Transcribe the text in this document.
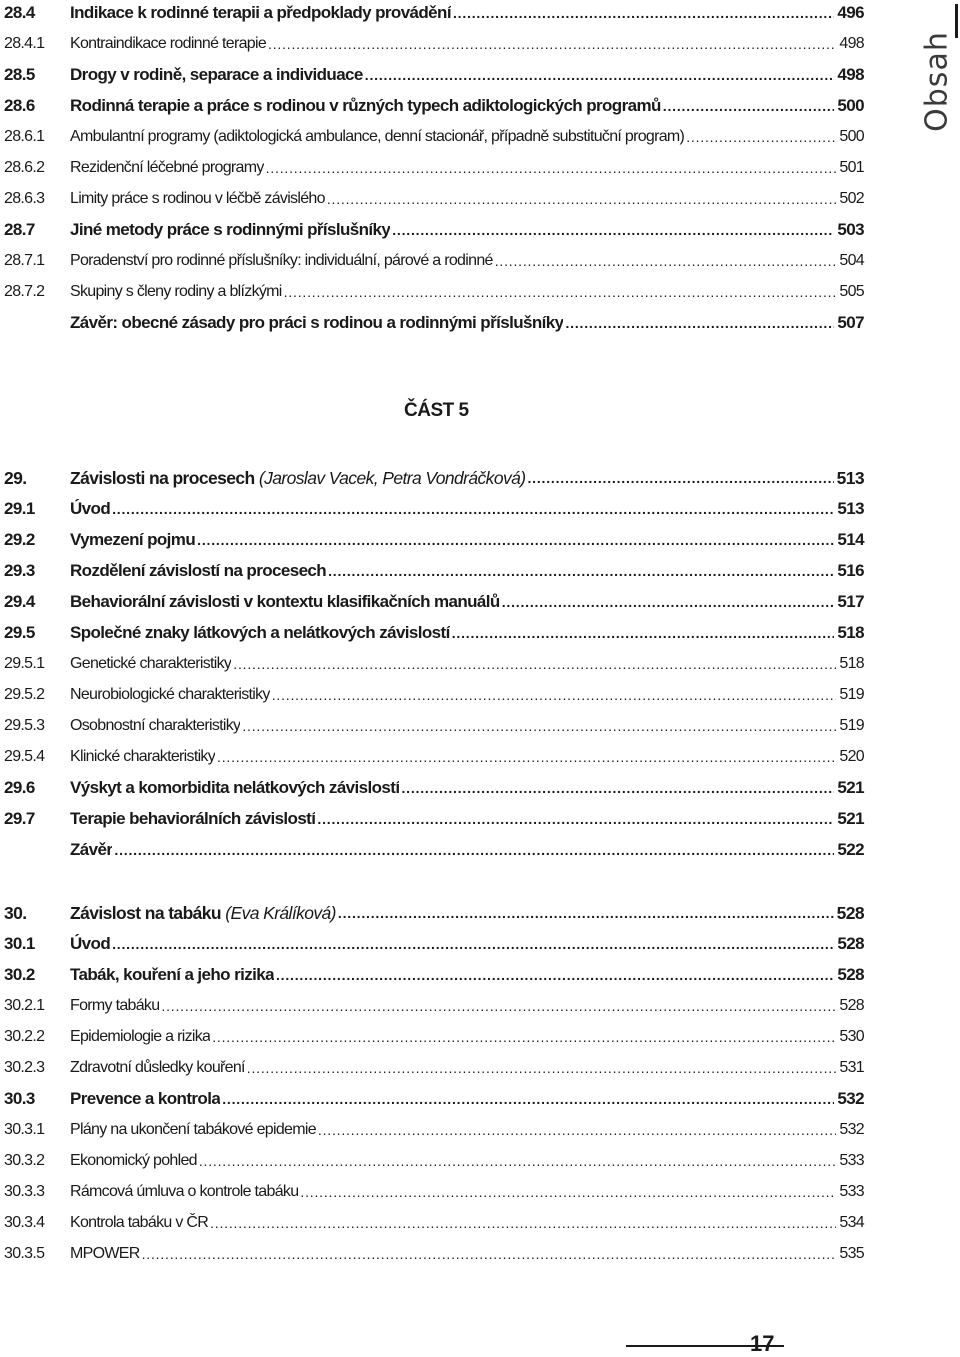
Obsah
28.4	Indikace k rodinné terapii a předpoklady provádění .....	496
28.4.1	Kontraindikace rodinné terapie .....	498
28.5	Drogy v rodině, separace a individuace .....	498
28.6	Rodinná terapie a práce s rodinou v různých typech adiktologických programů .....	500
28.6.1	Ambulantní programy (adiktologická ambulance, denní stacionář, případně substituční program) .....	500
28.6.2	Rezidenční léčebné programy .....	501
28.6.3	Limity práce s rodinou v léčbě závislého .....	502
28.7	Jiné metody práce s rodinnými příslušníky .....	503
28.7.1	Poradenství pro rodinné příslušníky: individuální, párové a rodinné .....	504
28.7.2	Skupiny s členy rodiny a blízkými .....	505
Závěr: obecné zásady pro práci s rodinou a rodinnými příslušníky .....	507
29.	Závislosti na procesech (Jaroslav Vacek, Petra Vondráčková) .....	513
29.1	Úvod .....	513
29.2	Vymezení pojmu .....	514
29.3	Rozdělení závislostí na procesech .....	516
29.4	Behaviorální závislosti v kontextu klasifikačních manuálů .....	517
29.5	Společné znaky látkových a nelátkových závislostí .....	518
29.5.1	Genetické charakteristiky .....	518
29.5.2	Neurobiologické charakteristiky .....	519
29.5.3	Osobnostní charakteristiky .....	519
29.5.4	Klinické charakteristiky .....	520
29.6	Výskyt a komorbidita nelátkových závislostí .....	521
29.7	Terapie behaviorálních závislostí .....	521
Závěr .....	522
30.	Závislost na tabáku (Eva Králíková) .....	528
30.1	Úvod .....	528
30.2	Tabák, kouření a jeho rizika .....	528
30.2.1	Formy tabáku .....	528
30.2.2	Epidemiologie a rizika .....	530
30.2.3	Zdravotní důsledky kouření .....	531
30.3	Prevence a kontrola .....	532
30.3.1	Plány na ukončení tabákové epidemie .....	532
30.3.2	Ekonomický pohled .....	533
30.3.3	Rámcová úmluva o kontrole tabáku .....	533
30.3.4	Kontrola tabáku v ČR .....	534
30.3.5	MPOWER .....	535
ČÁST 5
17
